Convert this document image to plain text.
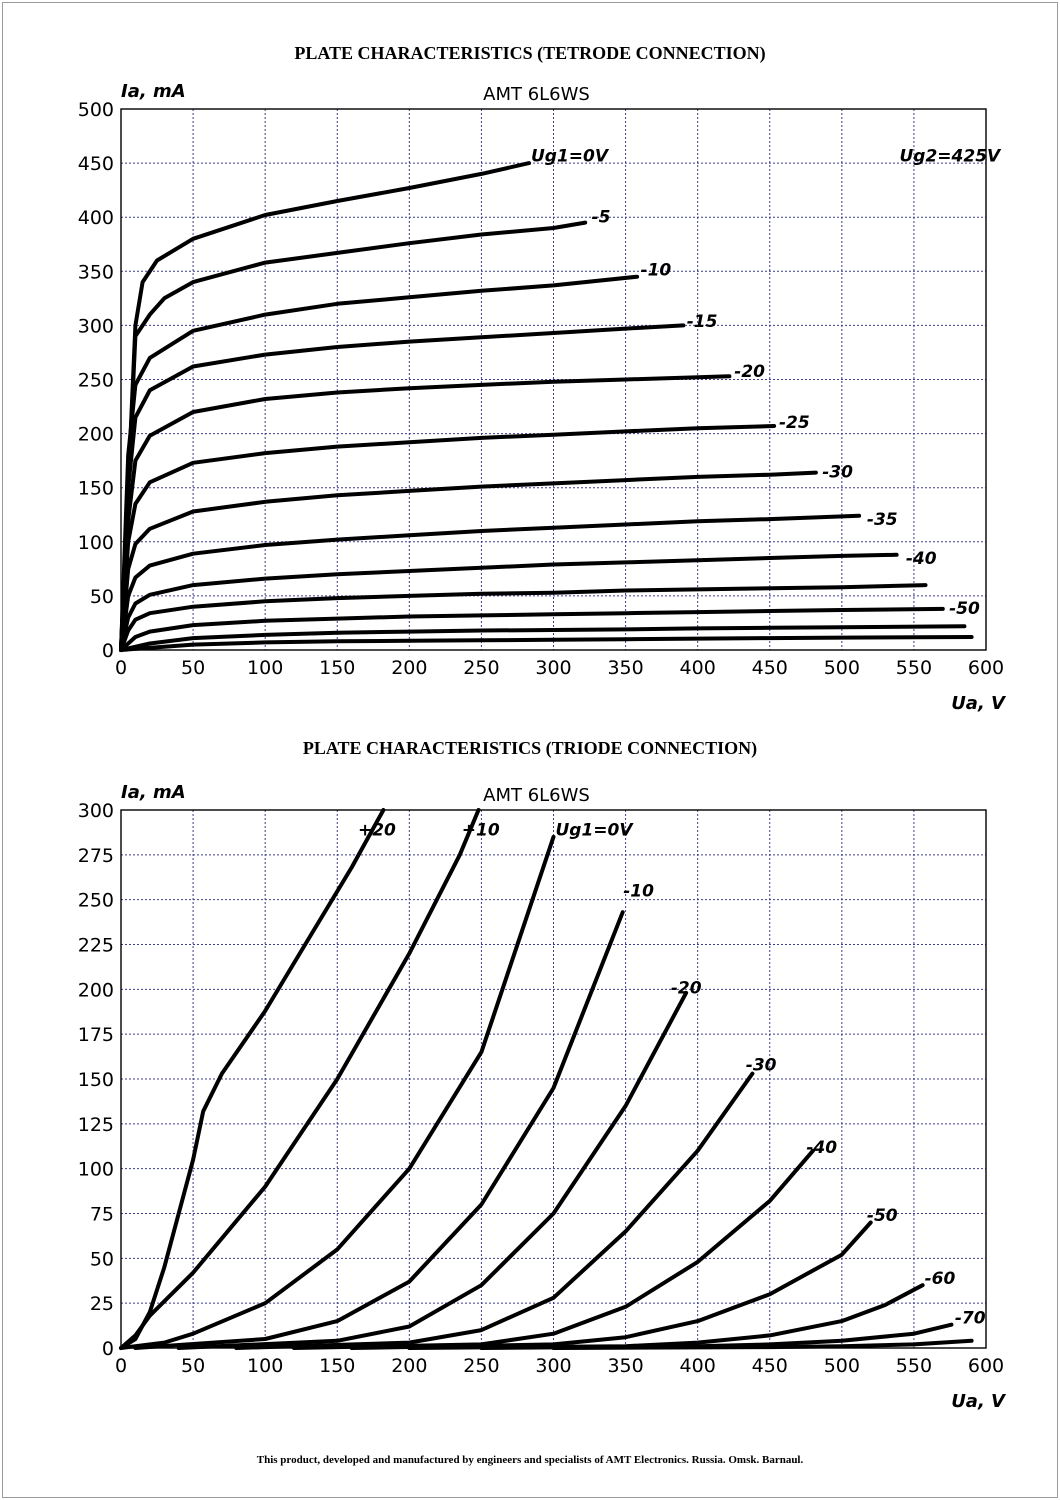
PLATE CHARACTERISTICS (TETRODE CONNECTION)
PLATE CHARACTERISTICS (TRIODE CONNECTION)
0	50 100 150 200 250 300 350 400 450 500 550 600
0
50
100
150
200
250
300
350
400
450
500
AMT 6L6WS
Ia, mA
Ua, V
Ug1=0V
-5
-10
-15
-20
-25
-30
-35
-40
-50
Ug2=425V
0	50 100 150 200 250 300 350 400 450 500 550 600
0
25
50
75
100
125
150
175
200
225
250
275
300
AMT 6L6WS
Ia, mA
Ua, V
+20	+10	Ug1=0V
-10
-20
-30
-40
-50
-60
-70
This product, developed and manufactured by engineers and specialists of AMT Electronics. Russia. Omsk. Barnaul.
